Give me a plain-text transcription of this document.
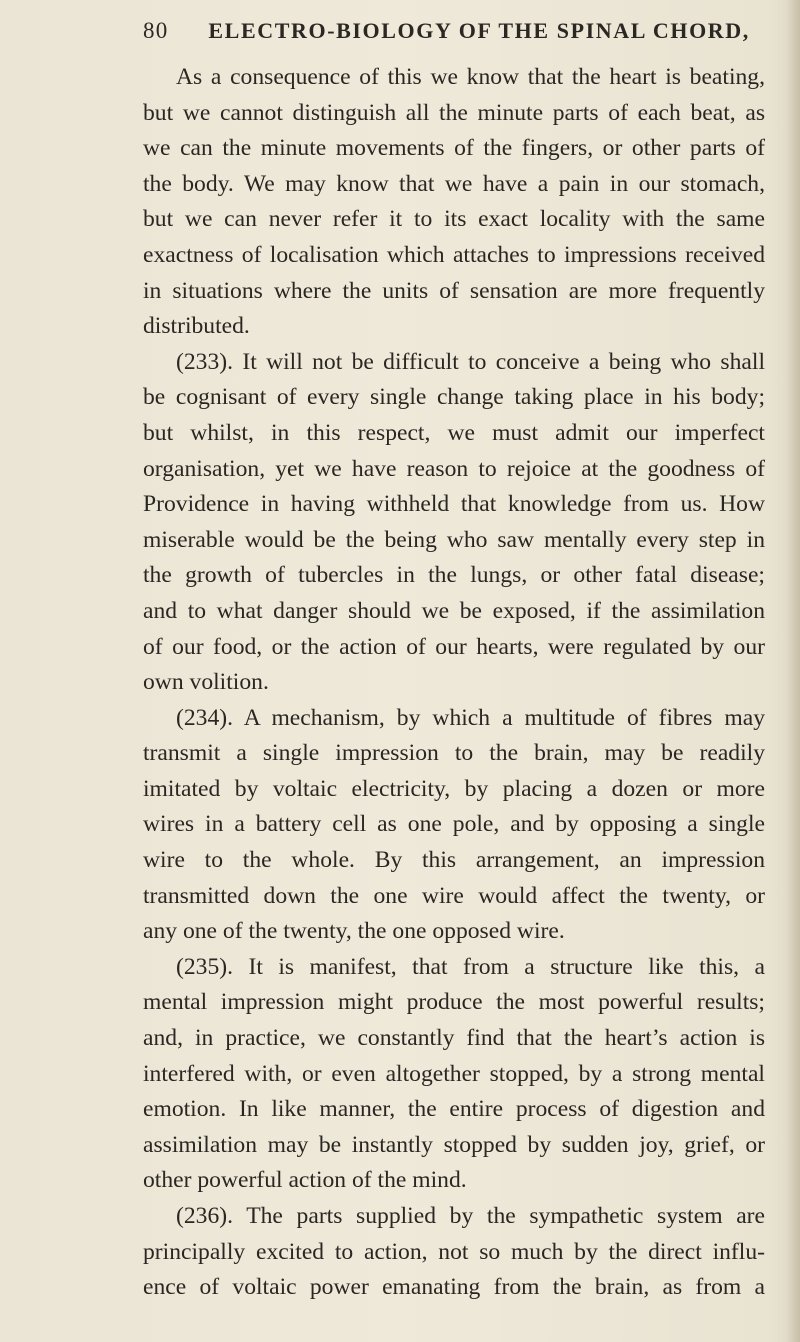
80 ELECTRO-BIOLOGY OF THE SPINAL CHORD,
As a consequence of this we know that the heart is beating,
but we cannot distinguish all the minute parts of each beat, as
we can the minute movements of the fingers, or other parts of
the body. We may know that we have a pain in our stomach,
but we can never refer it to its exact locality with the same
exactness of localisation which attaches to impressions received
in situations where the units of sensation are more frequently
distributed.
(233). It will not be difficult to conceive a being who shall
be cognisant of every single change taking place in his body;
but whilst, in this respect, we must admit our imperfect
organisation, yet we have reason to rejoice at the goodness of
Providence in having withheld that knowledge from us. How
miserable would be the being who saw mentally every step in
the growth of tubercles in the lungs, or other fatal disease;
and to what danger should we be exposed, if the assimilation
of our food, or the action of our hearts, were regulated by our
own volition.
(234). A mechanism, by which a multitude of fibres may
transmit a single impression to the brain, may be readily
imitated by voltaic electricity, by placing a dozen or more
wires in a battery cell as one pole, and by opposing a single
wire to the whole. By this arrangement, an impression
transmitted down the one wire would affect the twenty, or
any one of the twenty, the one opposed wire.
(235). It is manifest, that from a structure like this, a
mental impression might produce the most powerful results;
and, in practice, we constantly find that the heart’s action is
interfered with, or even altogether stopped, by a strong mental
emotion. In like manner, the entire process of digestion and
assimilation may be instantly stopped by sudden joy, grief, or
other powerful action of the mind.
(236). The parts supplied by the sympathetic system are
principally excited to action, not so much by the direct influ-
ence of voltaic power emanating from the brain, as from a
